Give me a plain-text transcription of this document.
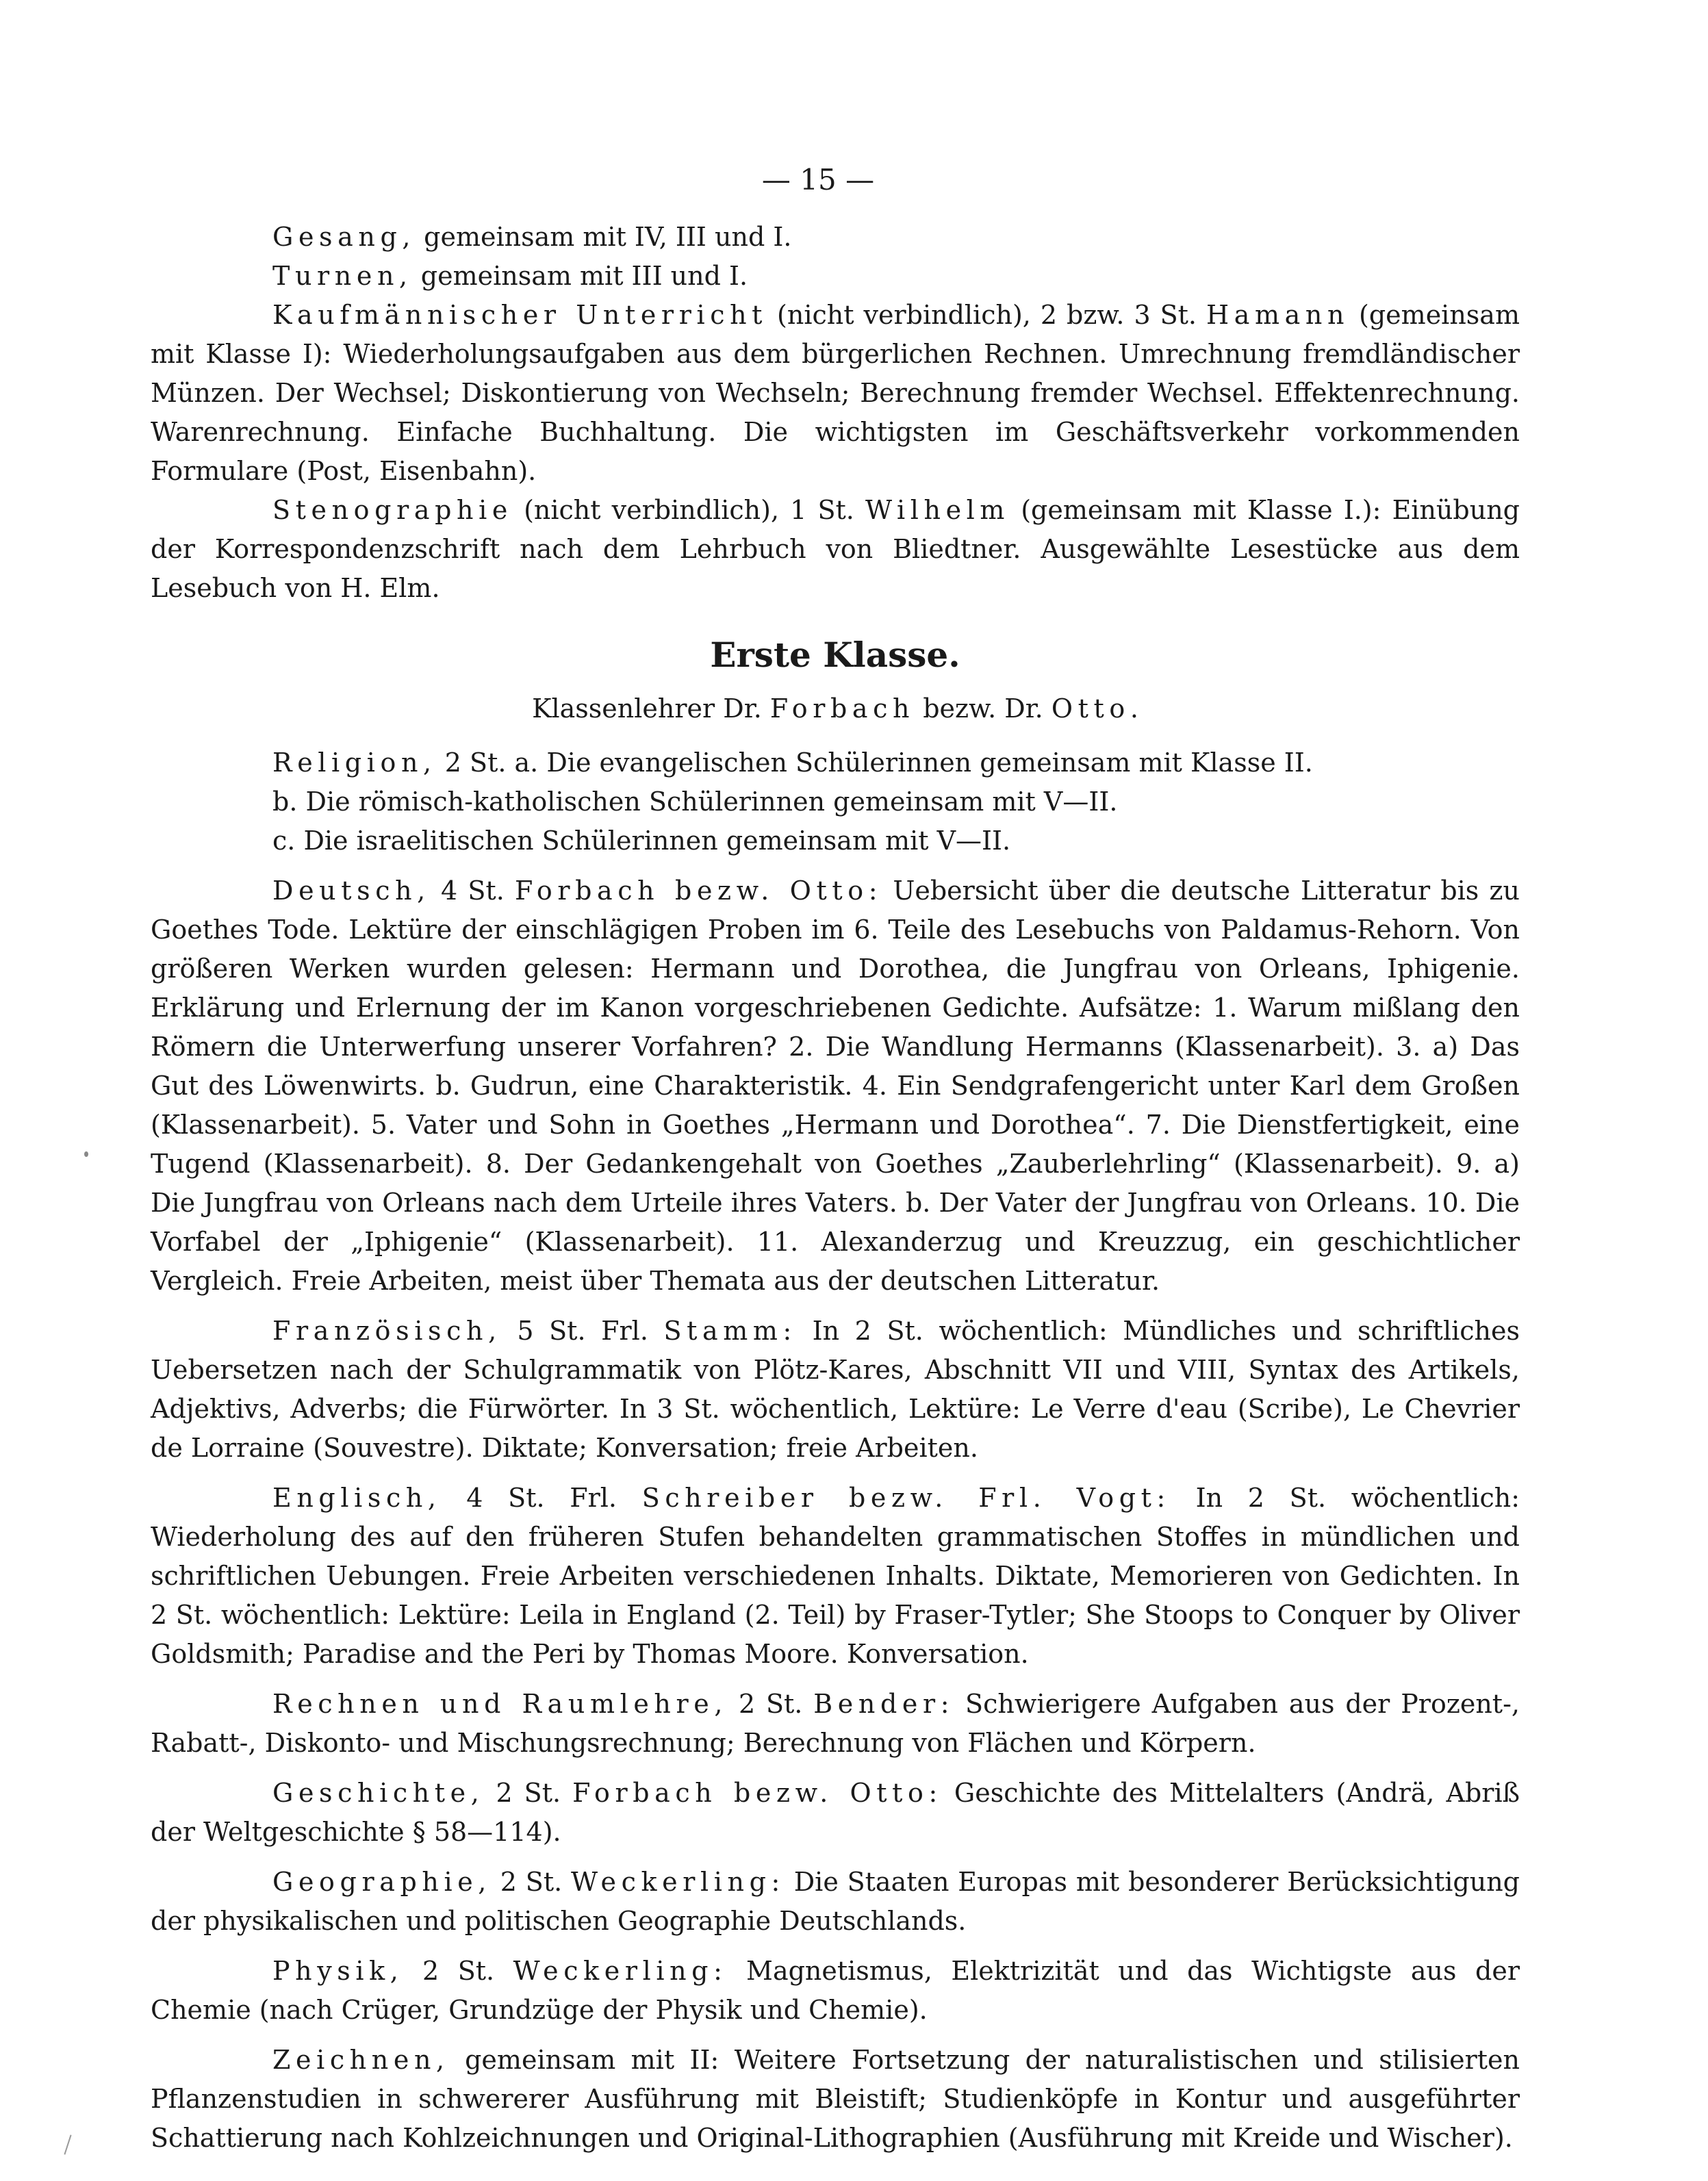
— 15 —

Gesang, gemeinsam mit IV, III und I.

Turnen, gemeinsam mit III und I.

Kaufmännischer Unterricht (nicht verbindlich), 2 bzw. 3 St. Hamann (gemeinsam mit Klasse I): Wiederholungsaufgaben aus dem bürgerlichen Rechnen. Umrechnung fremdländischer Münzen. Der Wechsel; Diskontierung von Wechseln; Berechnung fremder Wechsel. Effektenrechnung. Warenrechnung. Einfache Buchhaltung. Die wichtigsten im Geschäftsverkehr vorkommenden Formulare (Post, Eisenbahn).

Stenographie (nicht verbindlich), 1 St. Wilhelm (gemeinsam mit Klasse I.): Einübung der Korrespondenzschrift nach dem Lehrbuch von Bliedtner. Ausgewählte Lesestücke aus dem Lesebuch von H. Elm.

Erste Klasse.
Klassenlehrer Dr. Forbach bezw. Dr. Otto.

Religion, 2 St. a. Die evangelischen Schülerinnen gemeinsam mit Klasse II.

b. Die römisch-katholischen Schülerinnen gemeinsam mit V—II.

c. Die israelitischen Schülerinnen gemeinsam mit V—II.

Deutsch, 4 St. Forbach bezw. Otto: Uebersicht über die deutsche Litteratur bis zu Goethes Tode. Lektüre der einschlägigen Proben im 6. Teile des Lesebuchs von Paldamus-Rehorn. Von größeren Werken wurden gelesen: Hermann und Dorothea, die Jungfrau von Orleans, Iphigenie. Erklärung und Erlernung der im Kanon vorgeschriebenen Gedichte. Aufsätze: 1. Warum mißlang den Römern die Unterwerfung unserer Vorfahren? 2. Die Wandlung Hermanns (Klassenarbeit). 3. a) Das Gut des Löwenwirts. b. Gudrun, eine Charakteristik. 4. Ein Sendgrafengericht unter Karl dem Großen (Klassenarbeit). 5. Vater und Sohn in Goethes „Hermann und Dorothea“. 7. Die Dienstfertigkeit, eine Tugend (Klassenarbeit). 8. Der Gedankengehalt von Goethes „Zauberlehrling“ (Klassenarbeit). 9. a) Die Jungfrau von Orleans nach dem Urteile ihres Vaters. b. Der Vater der Jungfrau von Orleans. 10. Die Vorfabel der „Iphigenie“ (Klassenarbeit). 11. Alexanderzug und Kreuzzug, ein geschichtlicher Vergleich. Freie Arbeiten, meist über Themata aus der deutschen Litteratur.

Französisch, 5 St. Frl. Stamm: In 2 St. wöchentlich: Mündliches und schriftliches Uebersetzen nach der Schulgrammatik von Plötz-Kares, Abschnitt VII und VIII, Syntax des Artikels, Adjektivs, Adverbs; die Fürwörter. In 3 St. wöchentlich, Lektüre: Le Verre d'eau (Scribe), Le Chevrier de Lorraine (Souvestre). Diktate; Konversation; freie Arbeiten.

Englisch, 4 St. Frl. Schreiber bezw. Frl. Vogt: In 2 St. wöchentlich: Wiederholung des auf den früheren Stufen behandelten grammatischen Stoffes in mündlichen und schriftlichen Uebungen. Freie Arbeiten verschiedenen Inhalts. Diktate, Memorieren von Gedichten. In 2 St. wöchentlich: Lektüre: Leila in England (2. Teil) by Fraser-Tytler; She Stoops to Conquer by Oliver Goldsmith; Paradise and the Peri by Thomas Moore. Konversation.

Rechnen und Raumlehre, 2 St. Bender: Schwierigere Aufgaben aus der Prozent-, Rabatt-, Diskonto- und Mischungsrechnung; Berechnung von Flächen und Körpern.

Geschichte, 2 St. Forbach bezw. Otto: Geschichte des Mittelalters (Andrä, Abriß der Weltgeschichte § 58—114).

Geographie, 2 St. Weckerling: Die Staaten Europas mit besonderer Berücksichtigung der physikalischen und politischen Geographie Deutschlands.

Physik, 2 St. Weckerling: Magnetismus, Elektrizität und das Wichtigste aus der Chemie (nach Crüger, Grundzüge der Physik und Chemie).

Zeichnen, gemeinsam mit II: Weitere Fortsetzung der naturalistischen und stilisierten Pflanzenstudien in schwererer Ausführung mit Bleistift; Studienköpfe in Kontur und ausgeführter Schattierung nach Kohlzeichnungen und Original-Lithographien (Ausführung mit Kreide und Wischer).
